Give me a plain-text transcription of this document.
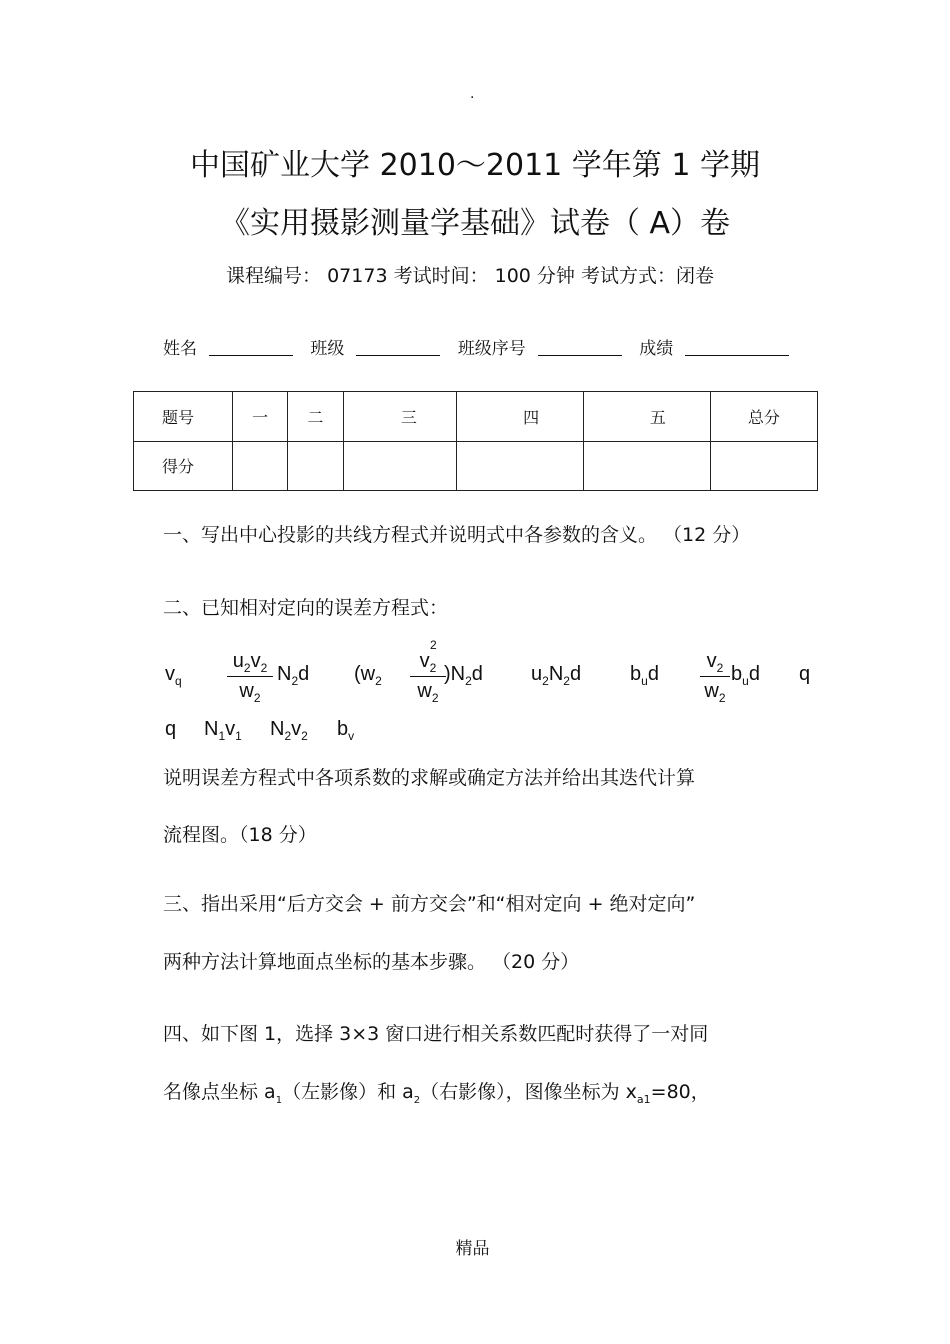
.
中国矿业大学 2010～2011 学年第 1 学期
《实用摄影测量学基础》试卷（ A）卷
课程编号： 07173 考试时间： 100 分钟 考试方式：闭卷
姓名	班级	班级序号	成绩
题号	一	二	三	四	五	总分
得分						
一、写出中心投影的共线方程式并说明式中各参数的含义。 （12 分）
二、已知相对定向的误差方程式：
$v_q \frac{u_2v_2}{w_2} N_2d$ ($w_2$
2
$\frac{v_2}{w_2}$
)$N_2d$ $u_2N_2d$ $b_ud \frac{v_2}{w_2} b_ud$ q
q $N_1v_1$ $N_2v_2$ $b_v$
说明误差方程式中各项系数的求解或确定方法并给出其迭代计算
流程图。（18 分）
三、指出采用“后方交会 + 前方交会”和“相对定向 + 绝对定向”
两种方法计算地面点坐标的基本步骤。 （20 分）
四、如下图 1，选择 3×3 窗口进行相关系数匹配时获得了一对同
名像点坐标 $a_1$（左影像）和 $a_2$（右影像），图像坐标为 $x_{a1}=80$，
精品
